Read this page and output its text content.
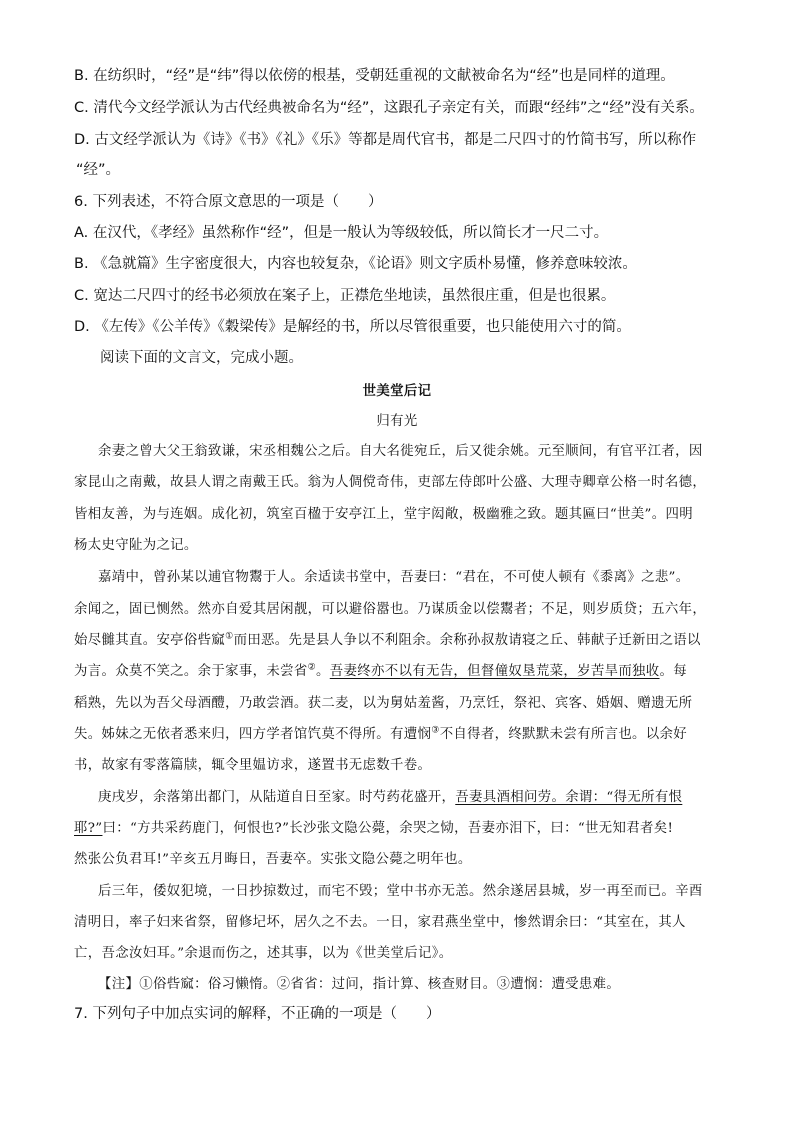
B. 在纺织时，“经”是“纬”得以依傍的根基，受朝廷重视的文献被命名为“经”也是同样的道理。
C. 清代今文经学派认为古代经典被命名为“经”，这跟孔子亲定有关，而跟“经纬”之“经”没有关系。
D. 古文经学派认为《诗》《书》《礼》《乐》等都是周代官书，都是二尺四寸的竹简书写，所以称作
“经”。
6. 下列表述，不符合原文意思的一项是（　　）
A. 在汉代，《孝经》虽然称作“经”，但是一般认为等级较低，所以简长才一尺二寸。
B. 《急就篇》生字密度很大，内容也较复杂，《论语》则文字质朴易懂，修养意味较浓。
C. 宽达二尺四寸的经书必须放在案子上，正襟危坐地读，虽然很庄重，但是也很累。
D. 《左传》《公羊传》《穀梁传》是解经的书，所以尽管很重要，也只能使用六寸的简。
阅读下面的文言文，完成小题。
世美堂后记
归有光
余妻之曾大父王翁致谦，宋丞相魏公之后。自大名徙宛丘，后又徙余姚。元至顺间，有官平江者，因
家昆山之南戴，故县人谓之南戴王氏。翁为人倜傥奇伟，吏部左侍郎叶公盛、大理寺卿章公格一时名德，
皆相友善，为与连姻。成化初，筑室百楹于安亭江上，堂宇闳敞，极幽雅之致。题其匾曰“世美”。四明
杨太史守阯为之记。
嘉靖中，曾孙某以逋官物鬻于人。余适读书堂中，吾妻曰：“君在，不可使人顿有《黍离》之悲”。
余闻之，固已恻然。然亦自爱其居闲靓，可以避俗嚣也。乃谋质金以偿鬻者；不足，则岁质贷；五六年，
始尽雠其直。安亭俗呰窳①而田恶。先是县人争以不利阻余。余称孙叔敖请寝之丘、韩献子迁新田之语以
为言。众莫不笑之。余于家事，未尝省②。吾妻终亦不以有无告，但督僮奴垦荒菜，岁苦旱而独收。每
稻熟，先以为吾父母酒醴，乃敢尝酒。获二麦，以为舅姑羞酱，乃烹饪，祭祀、宾客、婚姻、赠遗无所
失。姊妹之无依者悉来归，四方学者馆饩莫不得所。有遭悯③不自得者，终默默未尝有所言也。以余好
书，故家有零落篇牍，辄令里媪访求，遂置书无虑数千卷。
庚戌岁，余落第出都门，从陆道自日至家。时芍药花盛开，吾妻具酒相问劳。余谓：“得无所有恨
耶?”曰：“方共采药鹿门，何恨也?”长沙张文隐公薨，余哭之恸，吾妻亦泪下，曰：“世无知君者矣!
然张公负君耳!”辛亥五月晦日，吾妻卒。实张文隐公薨之明年也。
后三年，倭奴犯境，一日抄掠数过，而宅不毁；堂中书亦无恙。然余遂居县城，岁一再至而已。辛酉
清明日，率子妇来省祭，留修圮坏，居久之不去。一日，家君燕坐堂中，惨然谓余曰：“其室在，其人
亡，吾念汝妇耳。”余退而伤之，述其事，以为《世美堂后记》。
【注】①俗呰窳：俗习懒惰。②省省：过问，指计算、核查财目。③遭悯：遭受患难。
7. 下列句子中加点实词的解释，不正确的一项是（　　）
